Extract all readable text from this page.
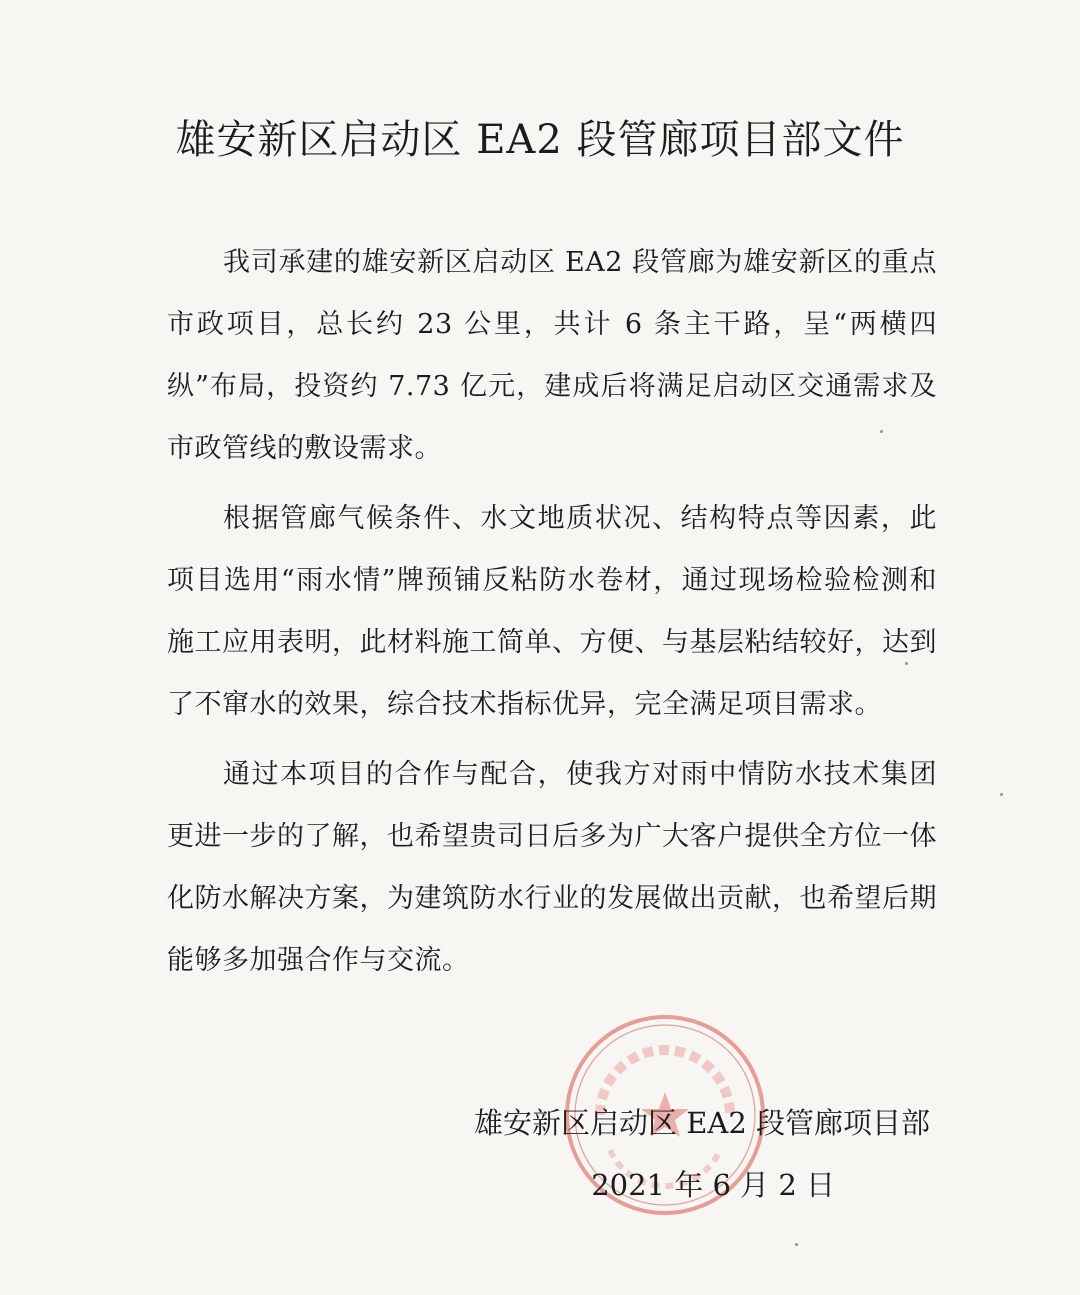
雄安新区启动区 EA2 段管廊项目部文件

我司承建的雄安新区启动区 EA2 段管廊为雄安新区的重点市政项目，总长约 23 公里，共计 6 条主干路，呈“两横四纵”布局，投资约 7.73 亿元，建成后将满足启动区交通需求及市政管线的敷设需求。

根据管廊气候条件、水文地质状况、结构特点等因素，此项目选用“雨水情”牌预铺反粘防水卷材，通过现场检验检测和施工应用表明，此材料施工简单、方便、与基层粘结较好，达到了不窜水的效果，综合技术指标优异，完全满足项目需求。

通过本项目的合作与配合，使我方对雨中情防水技术集团更进一步的了解，也希望贵司日后多为广大客户提供全方位一体化防水解决方案，为建筑防水行业的发展做出贡献，也希望后期能够多加强合作与交流。

雄安新区启动区 EA2 段管廊项目部
2021 年 6 月 2 日
